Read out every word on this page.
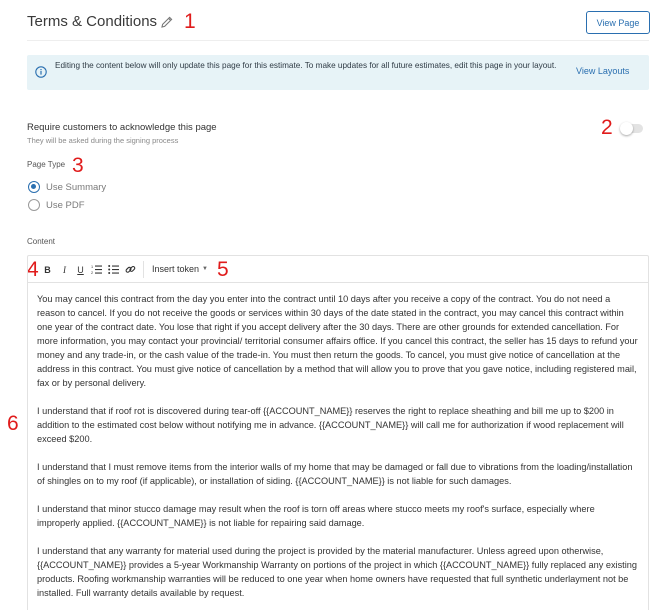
Terms & Conditions	View Page
1
2
3
4	5
6
Editing the content below will only update this page for this estimate. To make updates for all future estimates, edit this page in your layout.
View Layouts
Require customers to acknowledge this page
They will be asked during the signing process
Page Type
Use Summary
Use PDF
Content
B	I	U	1
2	Insert token ▼

You may cancel this contract from the day you enter into the contract until 10 days after you receive a copy of the contract. You do not need a reason to cancel. If you do not receive the goods or services within 30 days of the date stated in the contract, you may cancel this contract within one year of the contract date. You lose that right if you accept delivery after the 30 days. There are other grounds for extended cancellation. For more information, you may contact your provincial/ territorial consumer affairs office. If you cancel this contract, the seller has 15 days to refund your money and any trade-in, or the cash value of the trade-in. You must then return the goods. To cancel, you must give notice of cancellation at the address in this contract. You must give notice of cancellation by a method that will allow you to prove that you gave notice, including registered mail, fax or by personal delivery.

I understand that if roof rot is discovered during tear-off {{ACCOUNT_NAME}} reserves the right to replace sheathing and bill me up to $200 in addition to the estimated cost below without notifying me in advance. {{ACCOUNT_NAME}} will call me for authorization if wood replacement will exceed $200.

I understand that I must remove items from the interior walls of my home that may be damaged or fall due to vibrations from the loading/installation of shingles on to my roof (if applicable), or installation of siding. {{ACCOUNT_NAME}} is not liable for such damages.

I understand that minor stucco damage may result when the roof is torn off areas where stucco meets my roof's surface, especially where improperly applied. {{ACCOUNT_NAME}} is not liable for repairing said damage.

I understand that any warranty for material used during the project is provided by the material manufacturer. Unless agreed upon otherwise, {{ACCOUNT_NAME}} provides a 5-year Workmanship Warranty on portions of the project in which {{ACCOUNT_NAME}} fully replaced any existing products. Roofing workmanship warranties will be reduced to one year when home owners have requested that full synthetic underlayment not be installed. Full warranty details available by request.
